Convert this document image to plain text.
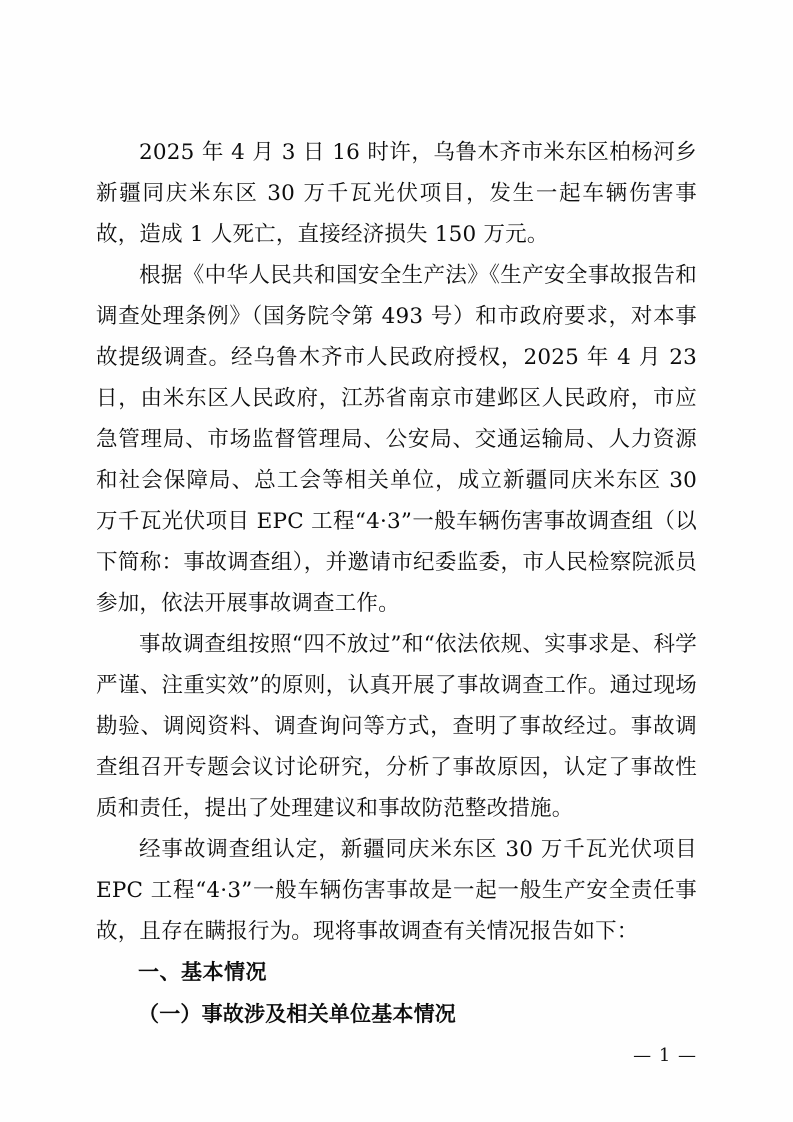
2025 年 4 月 3 日 16 时许，乌鲁木齐市米东区柏杨河乡新疆同庆米东区 30 万千瓦光伏项目，发生一起车辆伤害事故，造成 1 人死亡，直接经济损失 150 万元。

根据《中华人民共和国安全生产法》《生产安全事故报告和调查处理条例》（国务院令第 493 号）和市政府要求，对本事故提级调查。经乌鲁木齐市人民政府授权，2025 年 4 月 23 日，由米东区人民政府，江苏省南京市建邺区人民政府，市应急管理局、市场监督管理局、公安局、交通运输局、人力资源和社会保障局、总工会等相关单位，成立新疆同庆米东区 30 万千瓦光伏项目 EPC 工程“4·3”一般车辆伤害事故调查组（以下简称：事故调查组），并邀请市纪委监委，市人民检察院派员参加，依法开展事故调查工作。

事故调查组按照“四不放过”和“依法依规、实事求是、科学严谨、注重实效”的原则，认真开展了事故调查工作。通过现场勘验、调阅资料、调查询问等方式，查明了事故经过。事故调查组召开专题会议讨论研究，分析了事故原因，认定了事故性质和责任，提出了处理建议和事故防范整改措施。

经事故调查组认定，新疆同庆米东区 30 万千瓦光伏项目 EPC 工程“4·3”一般车辆伤害事故是一起一般生产安全责任事故，且存在瞒报行为。现将事故调查有关情况报告如下：

一、基本情况

（一）事故涉及相关单位基本情况

— 1 —
